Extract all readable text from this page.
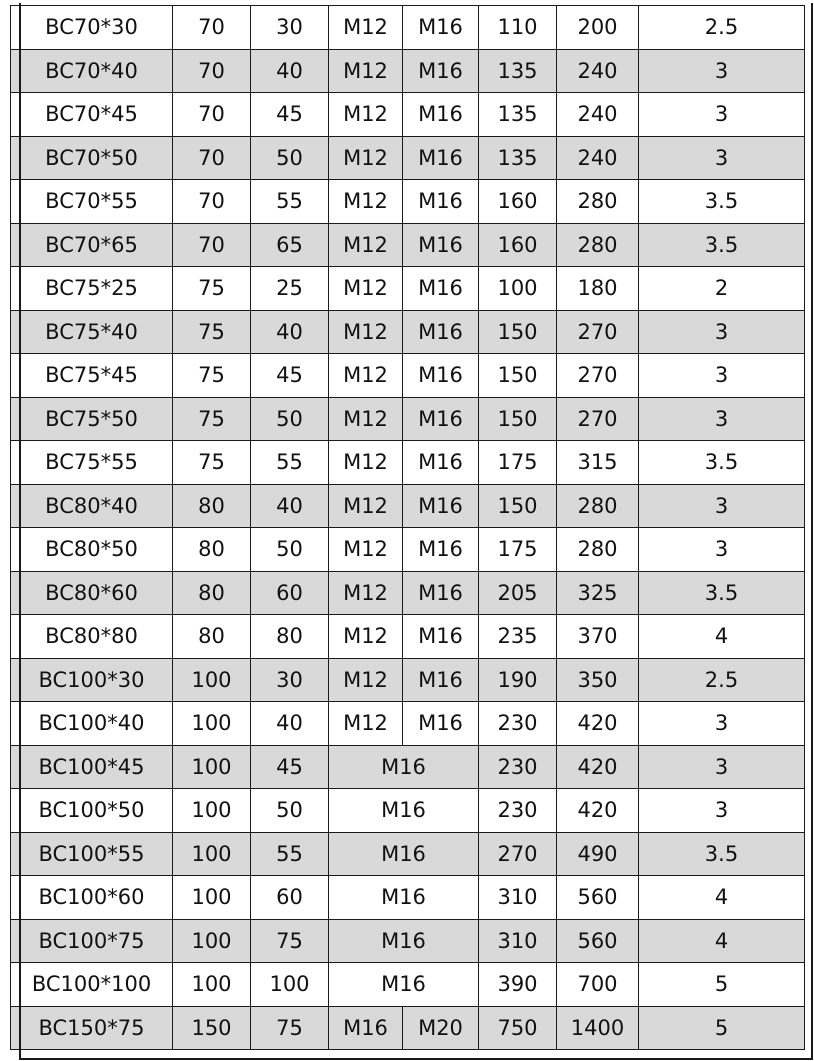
BC70*30	70	30	M12	M16	110	200	2.5
BC70*40	70	40	M12	M16	135	240	3
BC70*45	70	45	M12	M16	135	240	3
BC70*50	70	50	M12	M16	135	240	3
BC70*55	70	55	M12	M16	160	280	3.5
BC70*65	70	65	M12	M16	160	280	3.5
BC75*25	75	25	M12	M16	100	180	2
BC75*40	75	40	M12	M16	150	270	3
BC75*45	75	45	M12	M16	150	270	3
BC75*50	75	50	M12	M16	150	270	3
BC75*55	75	55	M12	M16	175	315	3.5
BC80*40	80	40	M12	M16	150	280	3
BC80*50	80	50	M12	M16	175	280	3
BC80*60	80	60	M12	M16	205	325	3.5
BC80*80	80	80	M12	M16	235	370	4
BC100*30	100	30	M12	M16	190	350	2.5
BC100*40	100	40	M12	M16	230	420	3
BC100*45	100	45	M16		230	420	3
BC100*50	100	50	M16		230	420	3
BC100*55	100	55	M16		270	490	3.5
BC100*60	100	60	M16		310	560	4
BC100*75	100	75	M16		310	560	4
BC100*100	100	100	M16		390	700	5
BC150*75	150	75	M16	M20	750	1400	5
